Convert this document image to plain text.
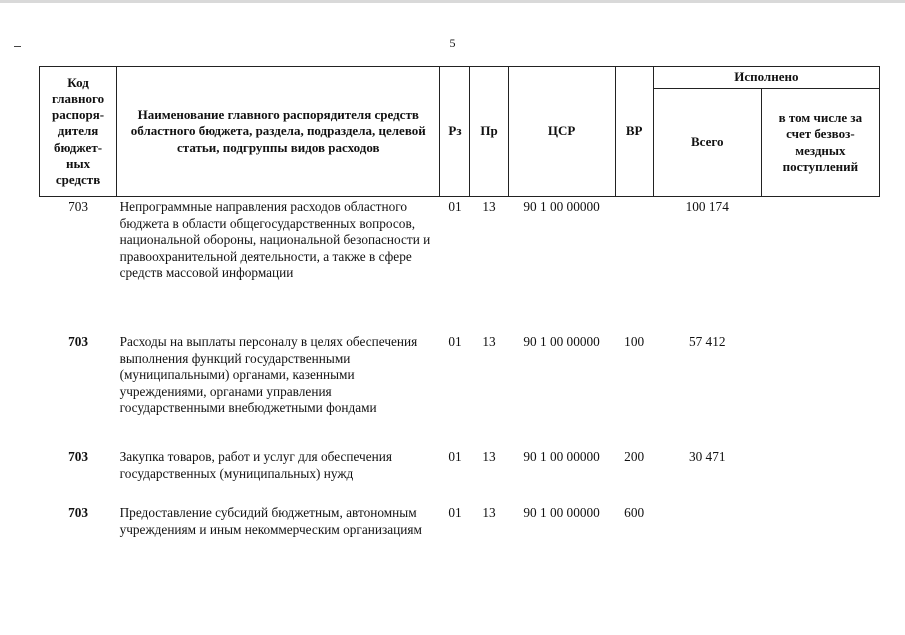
5
Код главного распоря-дителя бюджет-ных средств	Наименование главного распорядителя средств областного бюджета, раздела, подраздела, целевой статьи, подгруппы видов расходов	Рз	Пр	ЦСР	ВР	Исполнено	
						Всего	в том числе за счет безвоз-мездных поступлений
703	Непрограммные направления расходов областного бюджета в области общегосударственных вопросов, национальной обороны, национальной безопасности и правоохранительной деятельности, а также в сфере средств массовой информации	01	13	90 1 00 00000		100 174	
703	Расходы на выплаты персоналу в целях обеспечения выполнения функций государственными (муниципальными) органами, казенными учреждениями, органами управления государственными внебюджетными фондами	01	13	90 1 00 00000	100	57 412	
703	Закупка товаров, работ и услуг для обеспечения государственных (муниципальных) нужд	01	13	90 1 00 00000	200	30 471	
703	Предоставление субсидий бюджетным, автономным учреждениям и иным некоммерческим организациям	01	13	90 1 00 00000	600		
